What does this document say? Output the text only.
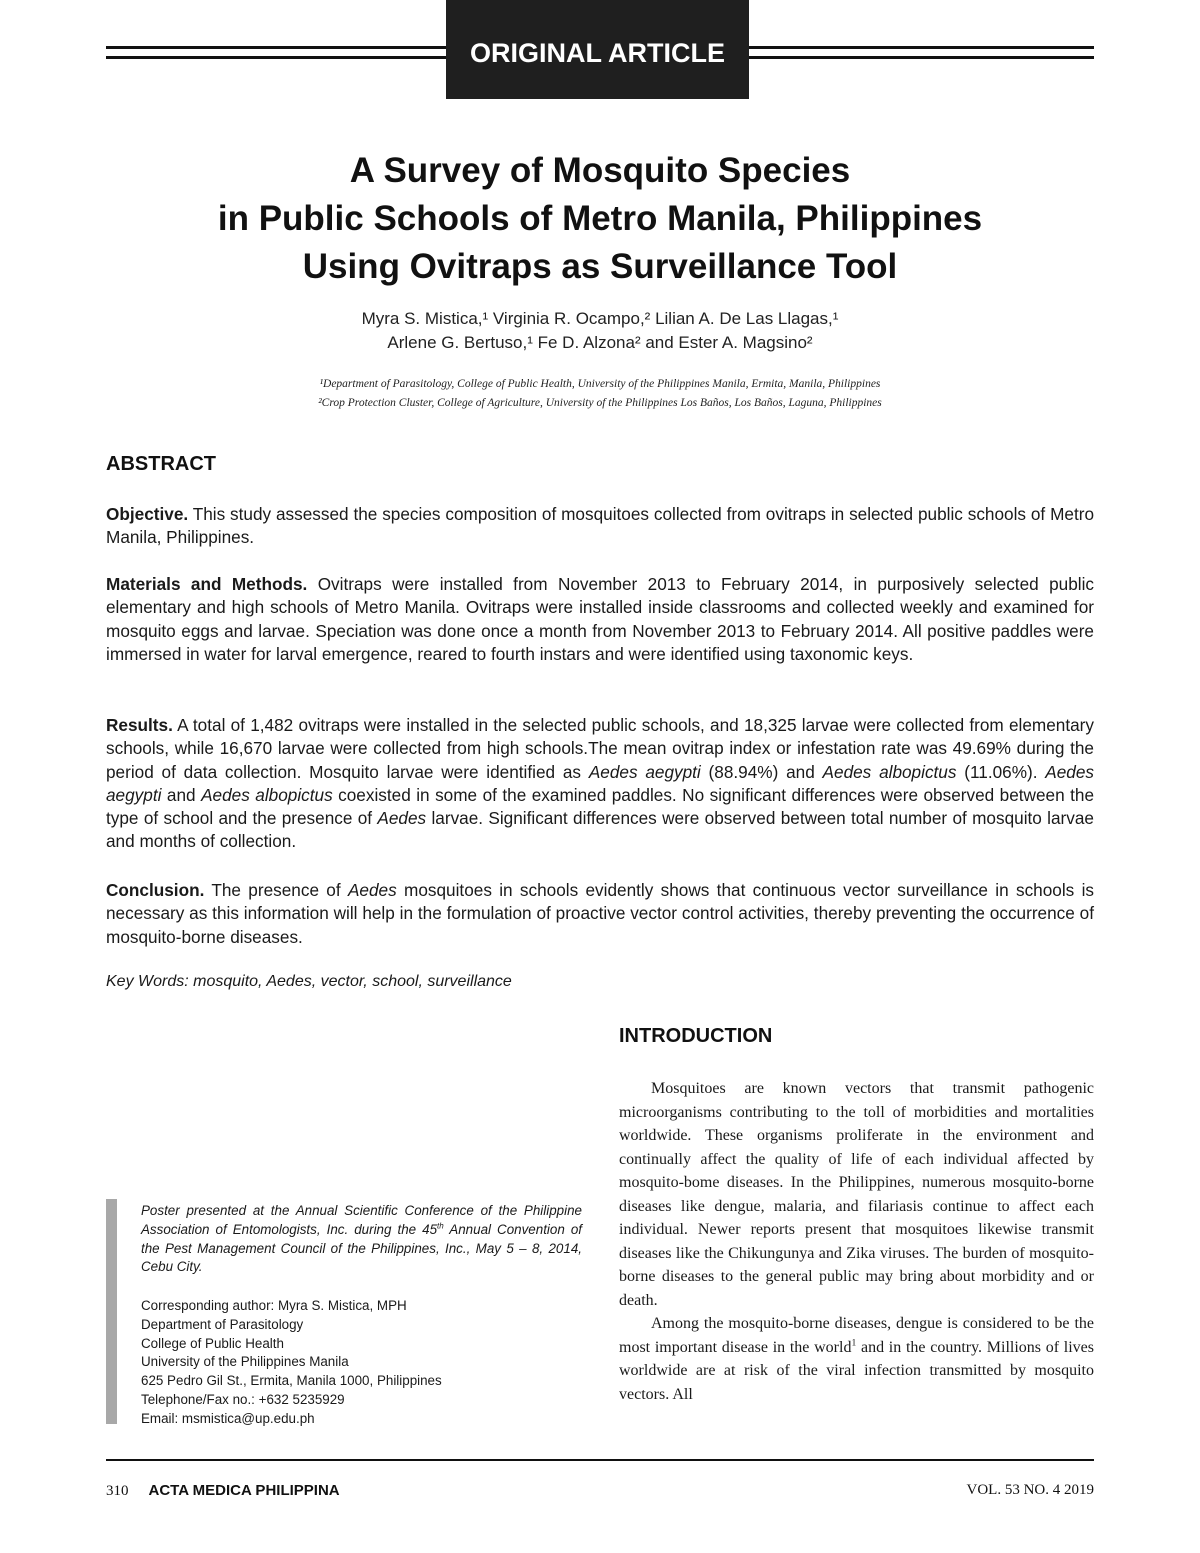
ORIGINAL ARTICLE
A Survey of Mosquito Species
in Public Schools of Metro Manila, Philippines
Using Ovitraps as Surveillance Tool
Myra S. Mistica,¹ Virginia R. Ocampo,² Lilian A. De Las Llagas,¹
Arlene G. Bertuso,¹ Fe D. Alzona² and Ester A. Magsino²
¹Department of Parasitology, College of Public Health, University of the Philippines Manila, Ermita, Manila, Philippines
²Crop Protection Cluster, College of Agriculture, University of the Philippines Los Baños, Los Baños, Laguna, Philippines
ABSTRACT
Objective. This study assessed the species composition of mosquitoes collected from ovitraps in selected public schools of Metro Manila, Philippines.
Materials and Methods. Ovitraps were installed from November 2013 to February 2014, in purposively selected public elementary and high schools of Metro Manila. Ovitraps were installed inside classrooms and collected weekly and examined for mosquito eggs and larvae. Speciation was done once a month from November 2013 to February 2014. All positive paddles were immersed in water for larval emergence, reared to fourth instars and were identified using taxonomic keys.
Results. A total of 1,482 ovitraps were installed in the selected public schools, and 18,325 larvae were collected from elementary schools, while 16,670 larvae were collected from high schools.The mean ovitrap index or infestation rate was 49.69% during the period of data collection. Mosquito larvae were identified as Aedes aegypti (88.94%) and Aedes albopictus (11.06%). Aedes aegypti and Aedes albopictus coexisted in some of the examined paddles. No significant differences were observed between the type of school and the presence of Aedes larvae. Significant differences were observed between total number of mosquito larvae and months of collection.
Conclusion. The presence of Aedes mosquitoes in schools evidently shows that continuous vector surveillance in schools is necessary as this information will help in the formulation of proactive vector control activities, thereby preventing the occurrence of mosquito-borne diseases.
Key Words: mosquito, Aedes, vector, school, surveillance
INTRODUCTION

Mosquitoes are known vectors that transmit pathogenic microorganisms contributing to the toll of morbidities and mortalities worldwide. These organisms proliferate in the environment and continually affect the quality of life of each individual affected by mosquito-bome diseases. In the Philippines, numerous mosquito-borne diseases like dengue, malaria, and filariasis continue to affect each individual. Newer reports present that mosquitoes likewise transmit diseases like the Chikungunya and Zika viruses. The burden of mosquito-borne diseases to the general public may bring about morbidity and or death.

Among the mosquito-borne diseases, dengue is considered to be the most important disease in the world$^1$ and in the country. Millions of lives worldwide are at risk of the viral infection transmitted by mosquito vectors. All

Poster presented at the Annual Scientific Conference of the Philippine Association of Entomologists, Inc. during the 45th Annual Convention of the Pest Management Council of the Philippines, Inc., May 5 – 8, 2014, Cebu City.
Corresponding author: Myra S. Mistica, MPH
Department of Parasitology
College of Public Health
University of the Philippines Manila
625 Pedro Gil St., Ermita, Manila 1000, Philippines
Telephone/Fax no.: +632 5235929
Email: msmistica@up.edu.ph
310 ACTA MEDICA PHILIPPINA	VOL. 53 NO. 4 2019
